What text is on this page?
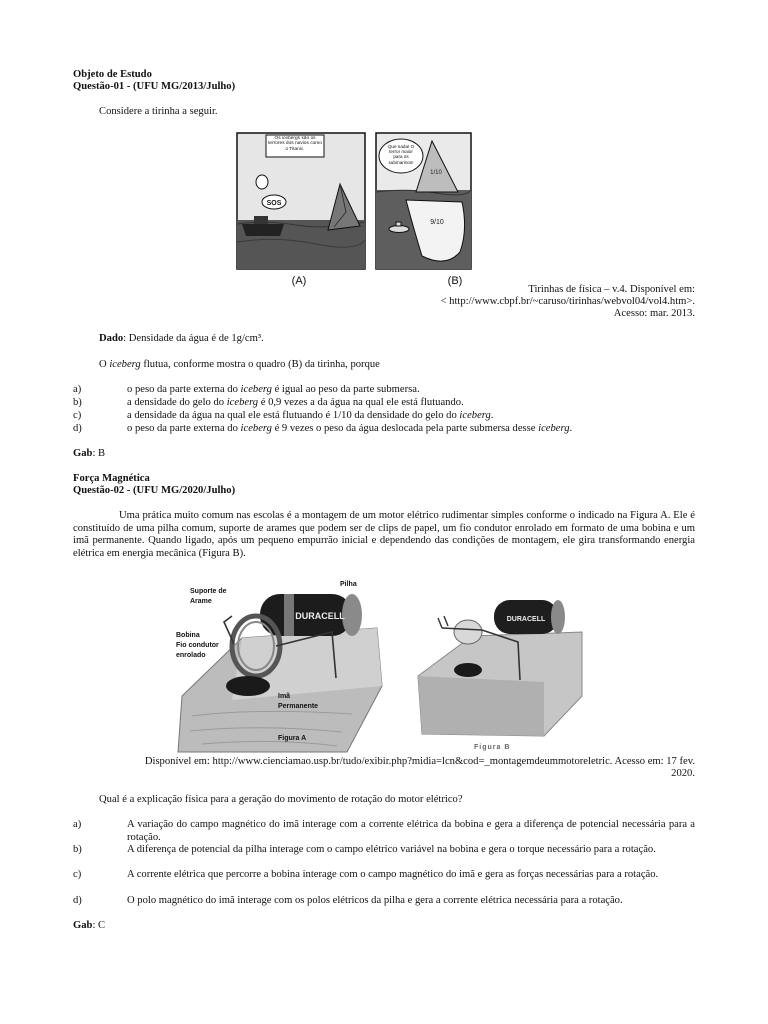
Objeto de Estudo
Questão-01 - (UFU MG/2013/Julho)
Considere a tirinha a seguir.
SOS
Os icebergs são os terrores dos navios como o Titanic.
1/10
9/10
Que nada! O terror maior para os submarinos!
(A)	(B)
Tirinhas de física – v.4. Disponível em:
< http://www.cbpf.br/~caruso/tirinhas/webvol04/vol4.htm>.
Acesso: mar. 2013.
Dado: Densidade da água é de 1g/cm³.
O iceberg flutua, conforme mostra o quadro (B) da tirinha, porque
a)	o peso da parte externa do iceberg é igual ao peso da parte submersa.
b)	a densidade do gelo do iceberg é 0,9 vezes a da água na qual ele está flutuando.
c)	a densidade da água na qual ele está flutuando é 1/10 da densidade do gelo do iceberg.
d)	o peso da parte externa do iceberg é 9 vezes o peso da água deslocada pela parte submersa desse iceberg.
Gab: B
Força Magnética
Questão-02 - (UFU MG/2020/Julho)
Uma prática muito comum nas escolas é a montagem de um motor elétrico rudimentar simples conforme o indicado na Figura A. Ele é constituído de uma pilha comum, suporte de arames que podem ser de clips de papel, um fio condutor enrolado em formato de uma bobina e um imã permanente. Quando ligado, após um pequeno empurrão inicial e dependendo das condições de montagem, ele gira transformando energia elétrica em energia mecânica (Figura B).
DURACELL
Figura A
DURACELL
Figura B
Pilha
Suporte de
Arame
Bobina
Fio condutor
enrolado
Imã
Permanente
Disponível em: http://www.cienciamao.usp.br/tudo/exibir.php?midia=lcn&cod=_montagemdeummotoreletric. Acesso em: 17 fev.
2020.
Qual é a explicação física para a geração do movimento de rotação do motor elétrico?
a)	A variação do campo magnético do imã interage com a corrente elétrica da bobina e gera a diferença de potencial necessária para a rotação.
b)	A diferença de potencial da pilha interage com o campo elétrico variável na bobina e gera o torque necessário para a rotação.
c)	A corrente elétrica que percorre a bobina interage com o campo magnético do imã e gera as forças necessárias para a rotação.
d)	O polo magnético do imã interage com os polos elétricos da pilha e gera a corrente elétrica necessária para a rotação.
Gab: C
